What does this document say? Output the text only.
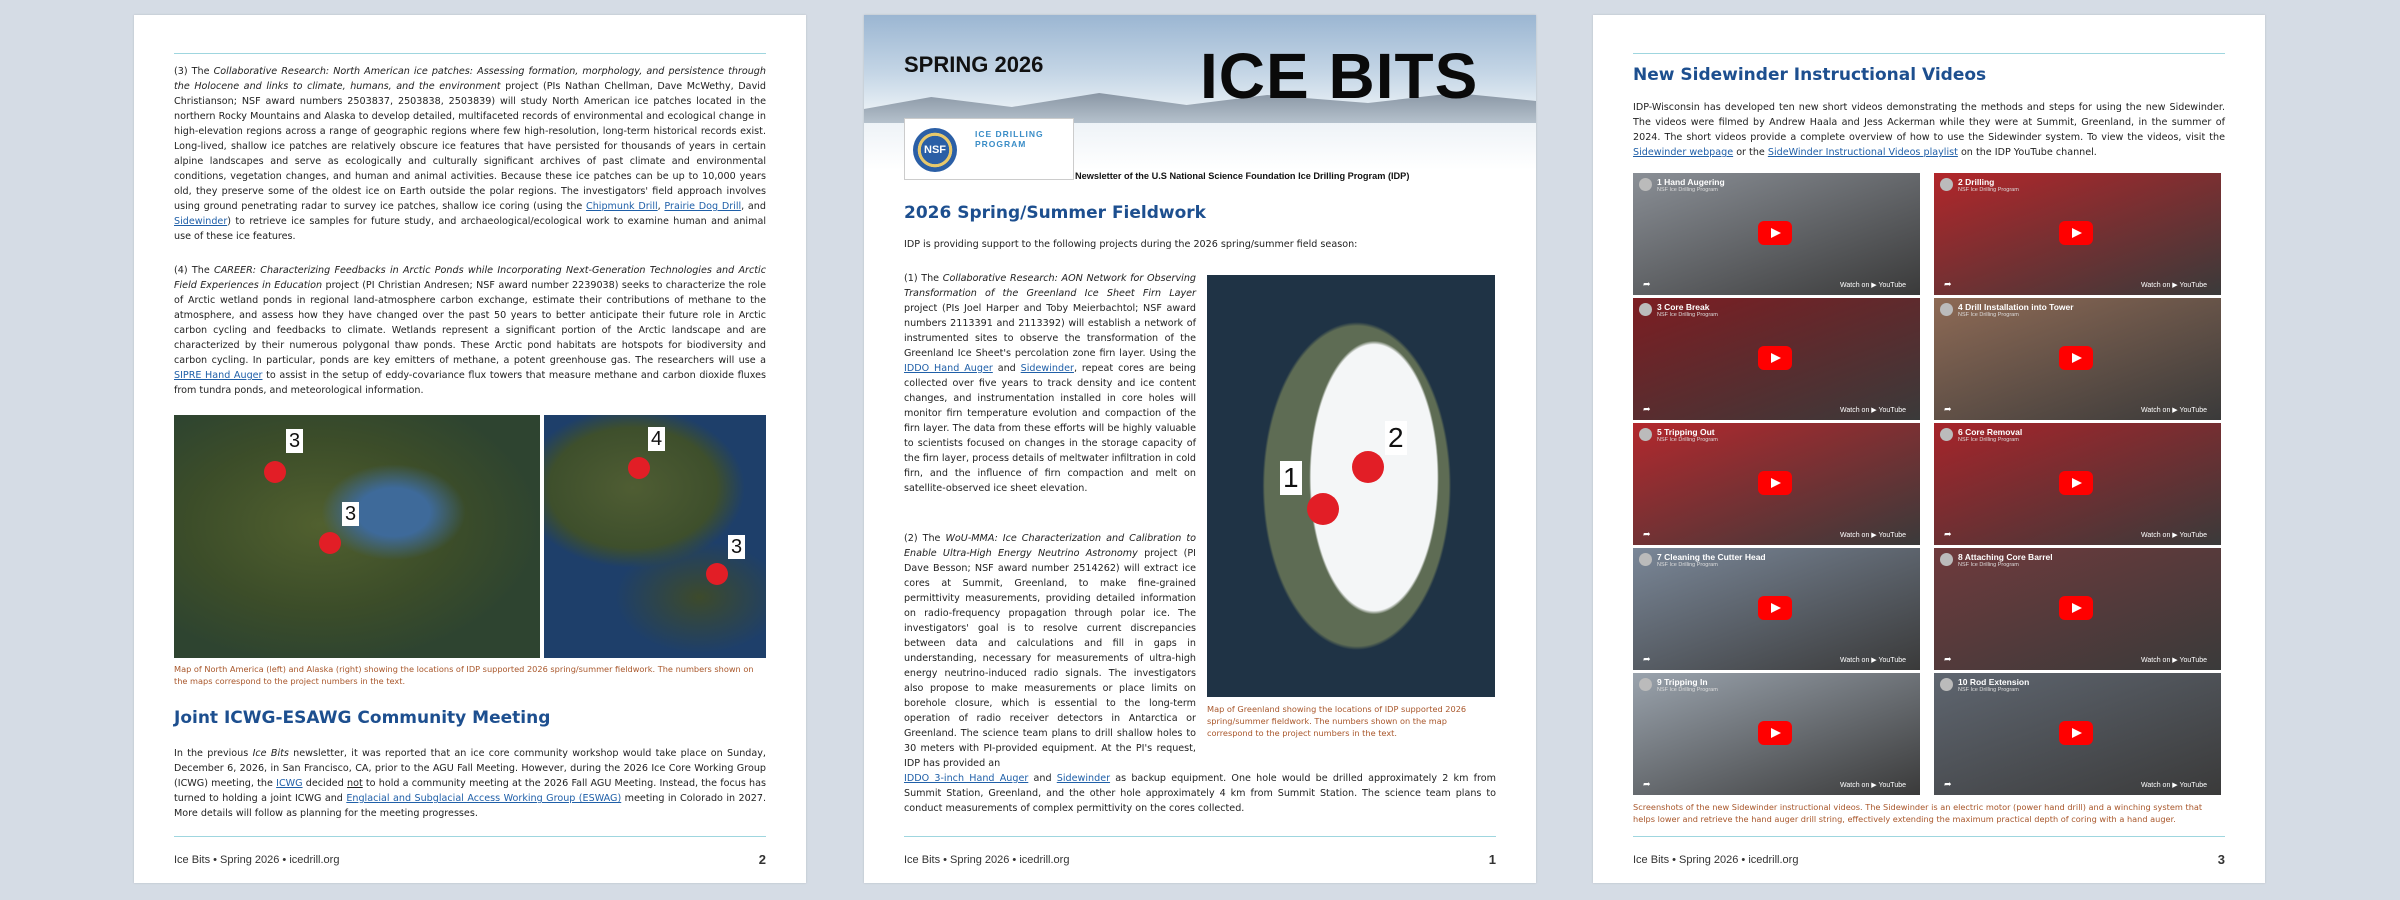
(3) The Collaborative Research: North American ice patches: Assessing formation, morphology, and persistence through the Holocene and links to climate, humans, and the environment project (PIs Nathan Chellman, Dave McWethy, David Christianson; NSF award numbers 2503837, 2503838, 2503839) will study North American ice patches located in the northern Rocky Mountains and Alaska to develop detailed, multifaceted records of environmental and ecological change in high-elevation regions across a range of geographic regions where few high-resolution, long-term historical records exist. Long-lived, shallow ice patches are relatively obscure ice features that have persisted for thousands of years in certain alpine landscapes and serve as ecologically and culturally significant archives of past climate and environmental conditions, vegetation changes, and human and animal activities. Because these ice patches can be up to 10,000 years old, they preserve some of the oldest ice on Earth outside the polar regions. The investigators' field approach involves using ground penetrating radar to survey ice patches, shallow ice coring (using the Chipmunk Drill, Prairie Dog Drill, and Sidewinder) to retrieve ice samples for future study, and archaeological/ecological work to examine human and animal use of these ice features.

(4) The CAREER: Characterizing Feedbacks in Arctic Ponds while Incorporating Next-Generation Technologies and Arctic Field Experiences in Education project (PI Christian Andresen; NSF award number 2239038) seeks to characterize the role of Arctic wetland ponds in regional land-atmosphere carbon exchange, estimate their contributions of methane to the atmosphere, and assess how they have changed over the past 50 years to better anticipate their future role in Arctic carbon cycling and feedbacks to climate. Wetlands represent a significant portion of the Arctic landscape and are characterized by their numerous polygonal thaw ponds. These Arctic pond habitats are hotspots for biodiversity and carbon cycling. In particular, ponds are key emitters of methane, a potent greenhouse gas. The researchers will use a SIPRE Hand Auger to assist in the setup of eddy-covariance flux towers that measure methane and carbon dioxide fluxes from tundra ponds, and meteorological information.

3
3
4
3
Map of North America (left) and Alaska (right) showing the locations of IDP supported 2026 spring/summer fieldwork. The numbers shown on the maps correspond to the project numbers in the text.
Joint ICWG-ESAWG Community Meeting

In the previous Ice Bits newsletter, it was reported that an ice core community workshop would take place on Sunday, December 6, 2026, in San Francisco, CA, prior to the AGU Fall Meeting. However, during the 2026 Ice Core Working Group (ICWG) meeting, the ICWG decided not to hold a community meeting at the 2026 Fall AGU Meeting. Instead, the focus has turned to holding a joint ICWG and Englacial and Subglacial Access Working Group (ESWAG) meeting in Colorado in 2027. More details will follow as planning for the meeting progresses.

Ice Bits • Spring 2026 • icedrill.org	2
SPRING 2026 ICE BITS
NSF
ICE DRILLING PROGRAM
Newsletter of the U.S National Science Foundation Ice Drilling Program (IDP)
2026 Spring/Summer Fieldwork
IDP is providing support to the following projects during the 2026 spring/summer field season:

(1) The Collaborative Research: AON Network for Observing Transformation of the Greenland Ice Sheet Firn Layer project (PIs Joel Harper and Toby Meierbachtol; NSF award numbers 2113391 and 2113392) will establish a network of instrumented sites to observe the transformation of the Greenland Ice Sheet's percolation zone firn layer. Using the IDDO Hand Auger and Sidewinder, repeat cores are being collected over five years to track density and ice content changes, and instrumentation installed in core holes will monitor firn temperature evolution and compaction of the firn layer. The data from these efforts will be highly valuable to scientists focused on changes in the storage capacity of the firn layer, process details of meltwater infiltration in cold firn, and the influence of firn compaction and melt on satellite-observed ice sheet elevation.	1
2
Map of Greenland showing the locations of IDP supported 2026 spring/summer fieldwork. The numbers shown on the map correspond to the project numbers in the text.

(2) The WoU-MMA: Ice Characterization and Calibration to Enable Ultra-High Energy Neutrino Astronomy project (PI Dave Besson; NSF award number 2514262) will extract ice cores at Summit, Greenland, to make fine-grained permittivity measurements, providing detailed information on radio-frequency propagation through polar ice. The investigators' goal is to resolve current discrepancies between data and calculations and fill in gaps in understanding, necessary for measurements of ultra-high energy neutrino-induced radio signals. The investigators also propose to make measurements or place limits on borehole closure, which is essential to the long-term operation of radio receiver detectors in Antarctica or Greenland. The science team plans to drill shallow holes to 30 meters with PI-provided equipment. At the PI's request, IDP has provided an

IDDO 3-inch Hand Auger and Sidewinder as backup equipment. One hole would be drilled approximately 2 km from Summit Station, Greenland, and the other hole approximately 4 km from Summit Station. The science team plans to conduct measurements of complex permittivity on the cores collected.

Ice Bits • Spring 2026 • icedrill.org	1
New Sidewinder Instructional Videos

IDP-Wisconsin has developed ten new short videos demonstrating the methods and steps for using the new Sidewinder. The videos were filmed by Andrew Haala and Jess Ackerman while they were at Summit, Greenland, in the summer of 2024. The short videos provide a complete overview of how to use the Sidewinder system. To view the videos, visit the Sidewinder webpage or the SideWinder Instructional Videos playlist on the IDP YouTube channel.

1 Hand Augering
NSF Ice Drilling Program
➦	Watch on ▶ YouTube
2 Drilling
NSF Ice Drilling Program
➦	Watch on ▶ YouTube
3 Core Break
NSF Ice Drilling Program
➦	Watch on ▶ YouTube
4 Drill Installation into Tower
NSF Ice Drilling Program
➦	Watch on ▶ YouTube
5 Tripping Out
NSF Ice Drilling Program
➦	Watch on ▶ YouTube
6 Core Removal
NSF Ice Drilling Program
➦	Watch on ▶ YouTube
7 Cleaning the Cutter Head
NSF Ice Drilling Program
➦	Watch on ▶ YouTube
8 Attaching Core Barrel
NSF Ice Drilling Program
➦	Watch on ▶ YouTube
9 Tripping In
NSF Ice Drilling Program
➦	Watch on ▶ YouTube
10 Rod Extension
NSF Ice Drilling Program
➦	Watch on ▶ YouTube
Screenshots of the new Sidewinder instructional videos. The Sidewinder is an electric motor (power hand drill) and a winching system that helps lower and retrieve the hand auger drill string, effectively extending the maximum practical depth of coring with a hand auger.
Ice Bits • Spring 2026 • icedrill.org	3
